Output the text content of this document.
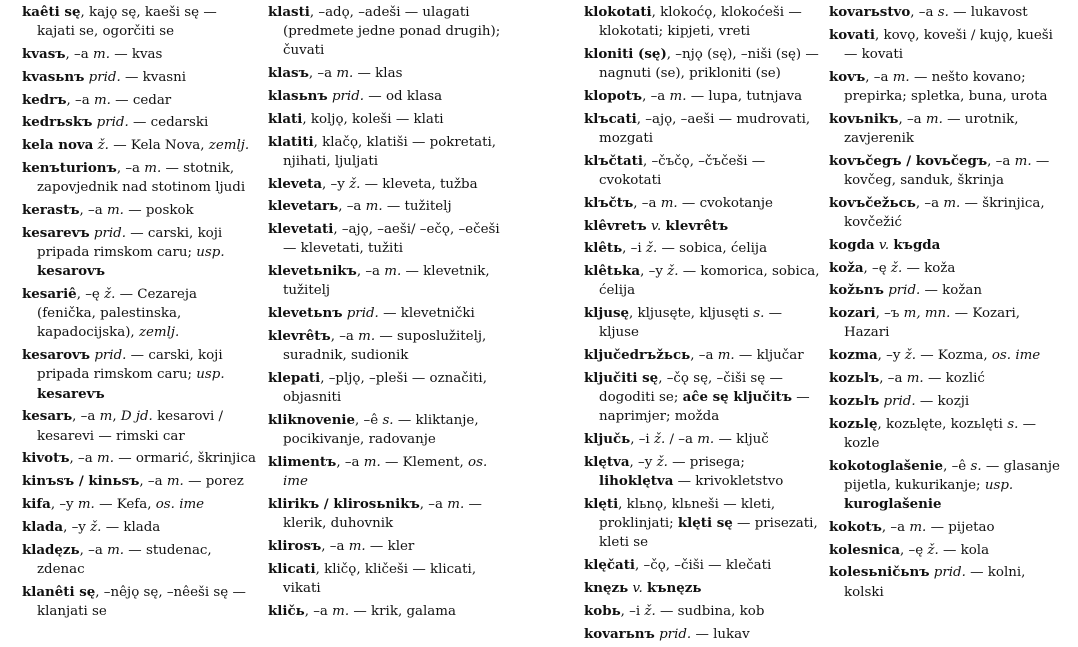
kaêti sę, kajǫ sę, kaeši sę — kajati se, ogorčiti se
kvasъ, –a m. — kvas
kvasьnъ prid. — kvasni
kedrъ, –a m. — cedar
kedrьskъ prid. — cedarski
kela nova ž. — Kela Nova, zemlj.
kenъturionъ, –a m. — stotnik, zapovjednik nad stotinom ljudi
kerastъ, –a m. — poskok
kesarevъ prid. — carski, koji pripada rimskom caru; usp. kesarovъ
kesariê, –ę ž. — Cezareja (fenička, palestinska, kapadocijska), zemlj.
kesarovъ prid. — carski, koji pripada rimskom caru; usp. kesarevъ
kesarь, –a m, D jd. kesarovi / kesarevi — rimski car
kivotъ, –a m. — ormarić, škrinjica
kinъsъ / kinьsъ, –a m. — porez
kifa, –y m. — Kefa, os. ime
klada, –y ž. — klada
kladęzь, –a m. — studenac, zdenac
klanêti sę, –nêjǫ sę, –nêeši sę — klanjati se
klasti, –adǫ, –adeši — ulagati (predmete jedne ponad drugih); čuvati
klasъ, –a m. — klas
klasьnъ prid. — od klasa
klati, koljǫ, koleši — klati
klatiti, klačǫ, klatiši — pokretati, njihati, ljuljati
kleveta, –y ž. — kleveta, tužba
klevetarь, –a m. — tužitelj
klevetati, –ajǫ, –aeši/ –ečǫ, –ečeši — klevetati, tužiti
klevetьnikъ, –a m. — klevetnik, tužitelj
klevetьnъ prid. — klevetnički
klevrêtъ, –a m. — suposlužitelj, suradnik, sudionik
klepati, –pljǫ, –pleši — označiti, objasniti
kliknovenie, –ê s. — kliktanje, pocikivanje, radovanje
klimentъ, –a m. — Klement, os. ime
klirikъ / klirosьnikъ, –a m. — klerik, duhovnik
klirosъ, –a m. — kler
klicati, kličǫ, kličeši — klicati, vikati
kličь, –a m. — krik, galama
klokotati, klokoćǫ, klokoćeši — klokotati; kipjeti, vreti
kloniti (sę), –njǫ (sę), –niši (sę) — nagnuti (se), prikloniti (se)
klopotъ, –a m. — lupa, tutnjava
klъcati, –ajǫ, –aeši — mudrovati, mozgati
klъčtati, –čъčǫ, –čъčeši — cvokotati
klъčtъ, –a m. — cvokotanje
klêvretъ v. klevrêtъ
klêtь, –i ž. — sobica, ćelija
klêtьka, –y ž. — komorica, sobica, ćelija
kljusę, kljusęte, kljusęti s. — kljuse
ključedrъžьcь, –a m. — ključar
ključiti sę, –čǫ sę, –čiši sę — dogoditi se; aĉe sę ključitъ — naprimjer; možda
ključь, –i ž. / –a m. — ključ
klętva, –y ž. — prisega; lihoklętva — krivokletstvo
klęti, klьnǫ, klьneši — kleti, proklinjati; klęti sę — prisezati, kleti se
klęčati, –čǫ, –čiši — klečati
knęzь v. kъnęzь
kobь, –i ž. — sudbina, kob
kovarьnъ prid. — lukav
kovarьstvo, –a s. — lukavost
kovati, kovǫ, koveši / kujǫ, kueši — kovati
kovъ, –a m. — nešto kovano; prepirka; spletka, buna, urota
kovьnikъ, –a m. — urotnik, zavjerenik
kovъčegъ / kovьčegъ, –a m. — kovčeg, sanduk, škrinja
kovъčežьcь, –a m. — škrinjica, kovčežić
kogda v. kъgda
koža, –ę ž. — koža
kožьnъ prid. — kožan
kozari, –ъ m, mn. — Kozari, Hazari
kozma, –y ž. — Kozma, os. ime
kozьlъ, –a m. — kozlić
kozьlъ prid. — kozji
kozьlę, kozьlęte, kozьlęti s. — kozle
kokotoglašenie, –ê s. — glasanje pijetla, kukurikanje; usp. kuroglašenie
kokotъ, –a m. — pijetao
kolesnica, –ę ž. — kola
kolesьničьnъ prid. — kolni, kolski
